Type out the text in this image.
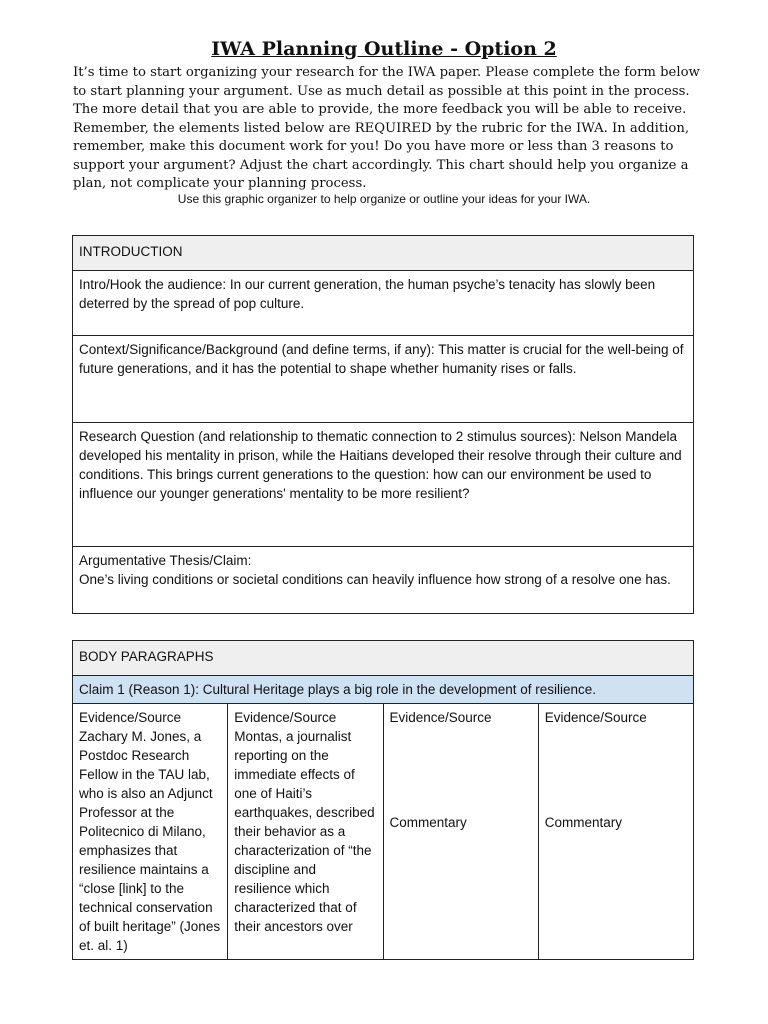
IWA Planning Outline - Option 2

It’s time to start organizing your research for the IWA paper. Please complete the form below to start planning your argument. Use as much detail as possible at this point in the process. The more detail that you are able to provide, the more feedback you will be able to receive. Remember, the elements listed below are REQUIRED by the rubric for the IWA. In addition, remember, make this document work for you! Do you have more or less than 3 reasons to support your argument? Adjust the chart accordingly. This chart should help you organize a plan, not complicate your planning process.

Use this graphic organizer to help organize or outline your ideas for your IWA.

INTRODUCTION
Intro/Hook the audience: In our current generation, the human psyche’s tenacity has slowly been deterred by the spread of pop culture.
Context/Significance/Background (and define terms, if any): This matter is crucial for the well-being of future generations, and it has the potential to shape whether humanity rises or falls.
Research Question (and relationship to thematic connection to 2 stimulus sources): Nelson Mandela developed his mentality in prison, while the Haitians developed their resolve through their culture and conditions. This brings current generations to the question: how can our environment be used to influence our younger generations' mentality to be more resilient?

Argumentative Thesis/Claim:
One’s living conditions or societal conditions can heavily influence how strong of a resolve one has.
BODY PARAGRAPHS
Claim 1 (Reason 1): Cultural Heritage plays a big role in the development of resilience.

Evidence/Source
Zachary M. Jones, a Postdoc Research Fellow in the TAU lab, who is also an Adjunct Professor at the Politecnico di Milano, emphasizes that resilience maintains a “close [link] to the technical conservation of built heritage” (Jones et. al. 1)

Evidence/Source
Montas, a journalist reporting on the immediate effects of one of Haiti’s earthquakes, described their behavior as a characterization of “the discipline and resilience which characterized that of their ancestors over

Evidence/Source
Commentary

Evidence/Source
Commentary
